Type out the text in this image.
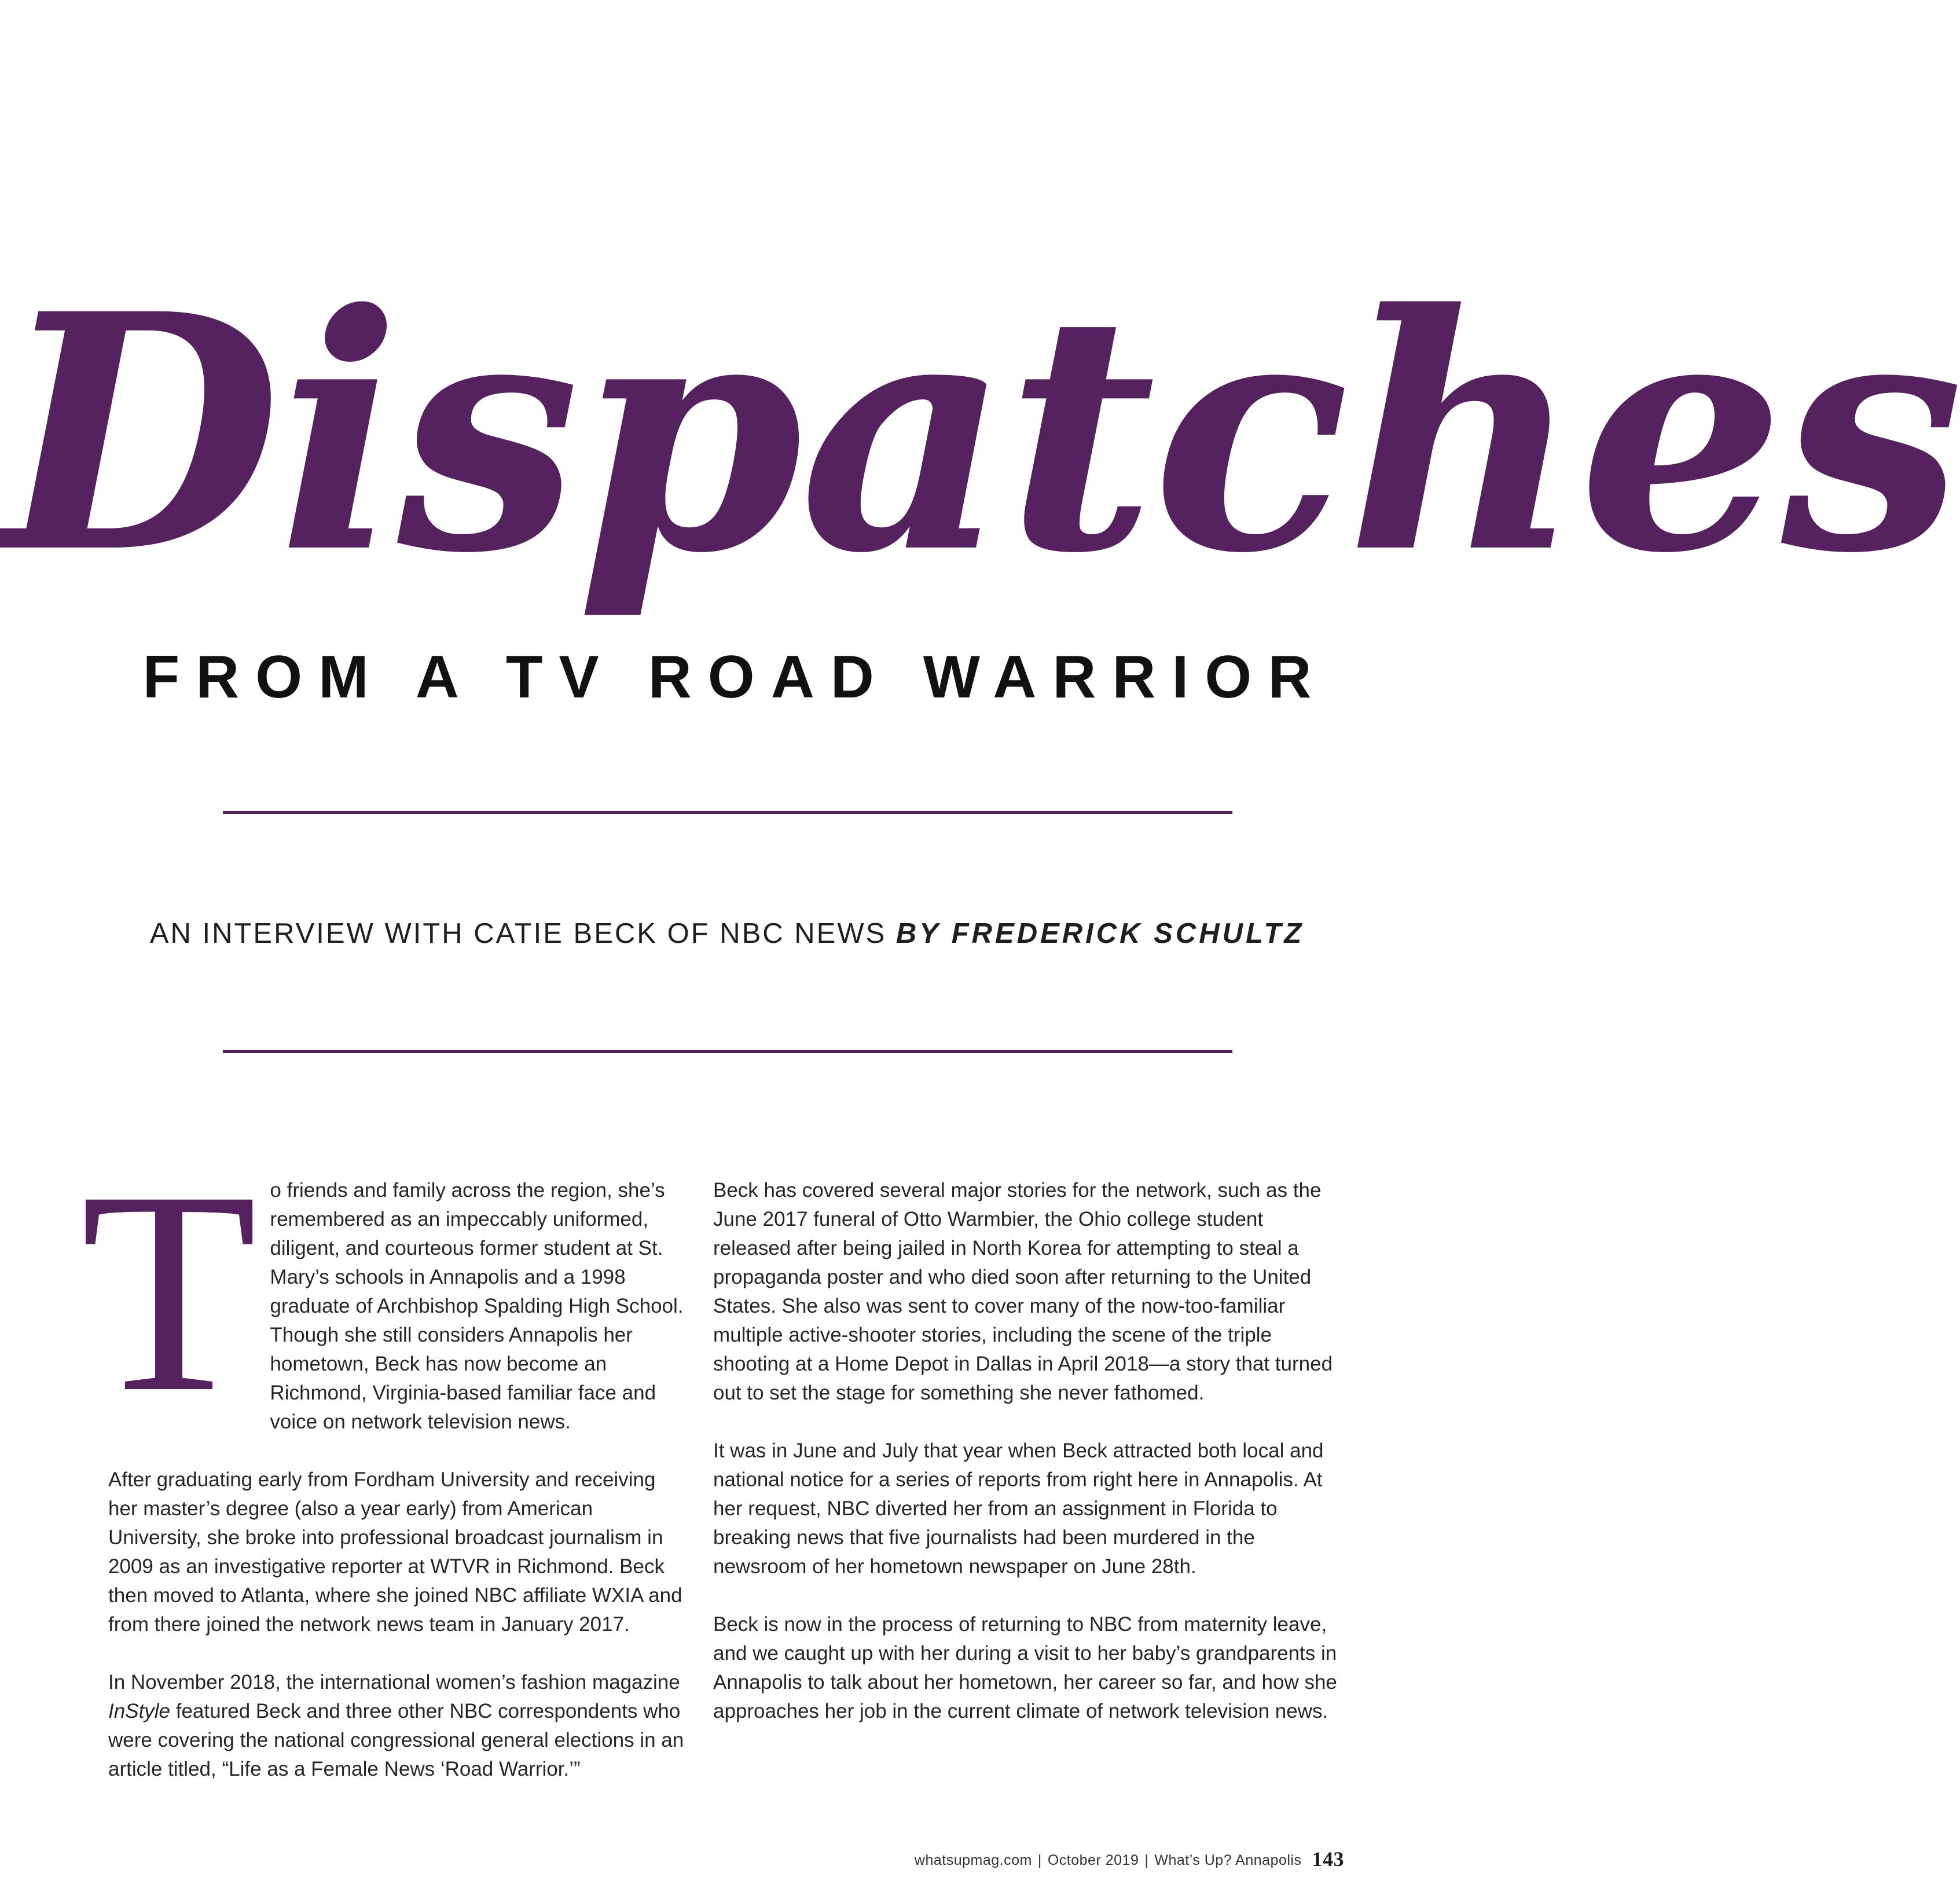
Dispatches
FROM A TV ROAD WARRIOR
AN INTERVIEW WITH CATIE BECK OF NBC NEWS BY FREDERICK SCHULTZ

To friends and family across the region, she’s remembered as an impeccably uniformed, diligent, and courteous former student at St. Mary’s schools in Annapolis and a 1998 graduate of Archbishop Spalding High School. Though she still considers Annapolis her hometown, Beck has now become an Richmond, Virginia-based familiar face and voice on network television news.

After graduating early from Fordham University and receiving her master’s degree (also a year early) from American University, she broke into professional broadcast journalism in 2009 as an investigative reporter at WTVR in Richmond. Beck then moved to Atlanta, where she joined NBC affiliate WXIA and from there joined the network news team in January 2017.

In November 2018, the international women’s fashion magazine InStyle featured Beck and three other NBC correspondents who were covering the national congressional general elections in an article titled, “Life as a Female News ‘Road Warrior.’”

Beck has covered several major stories for the network, such as the June 2017 funeral of Otto Warmbier, the Ohio college student released after being jailed in North Korea for attempting to steal a propaganda poster and who died soon after returning to the United States. She also was sent to cover many of the now-too-familiar multiple active-shooter stories, including the scene of the triple shooting at a Home Depot in Dallas in April 2018—a story that turned out to set the stage for something she never fathomed.

It was in June and July that year when Beck attracted both local and national notice for a series of reports from right here in Annapolis. At her request, NBC diverted her from an assignment in Florida to breaking news that five journalists had been murdered in the newsroom of her hometown newspaper on June 28th.

Beck is now in the process of returning to NBC from maternity leave, and we caught up with her during a visit to her baby’s grandparents in Annapolis to talk about her hometown, her career so far, and how she approaches her job in the current climate of network television news.

whatsupmag.com | October 2019 | What’s Up? Annapolis 143
